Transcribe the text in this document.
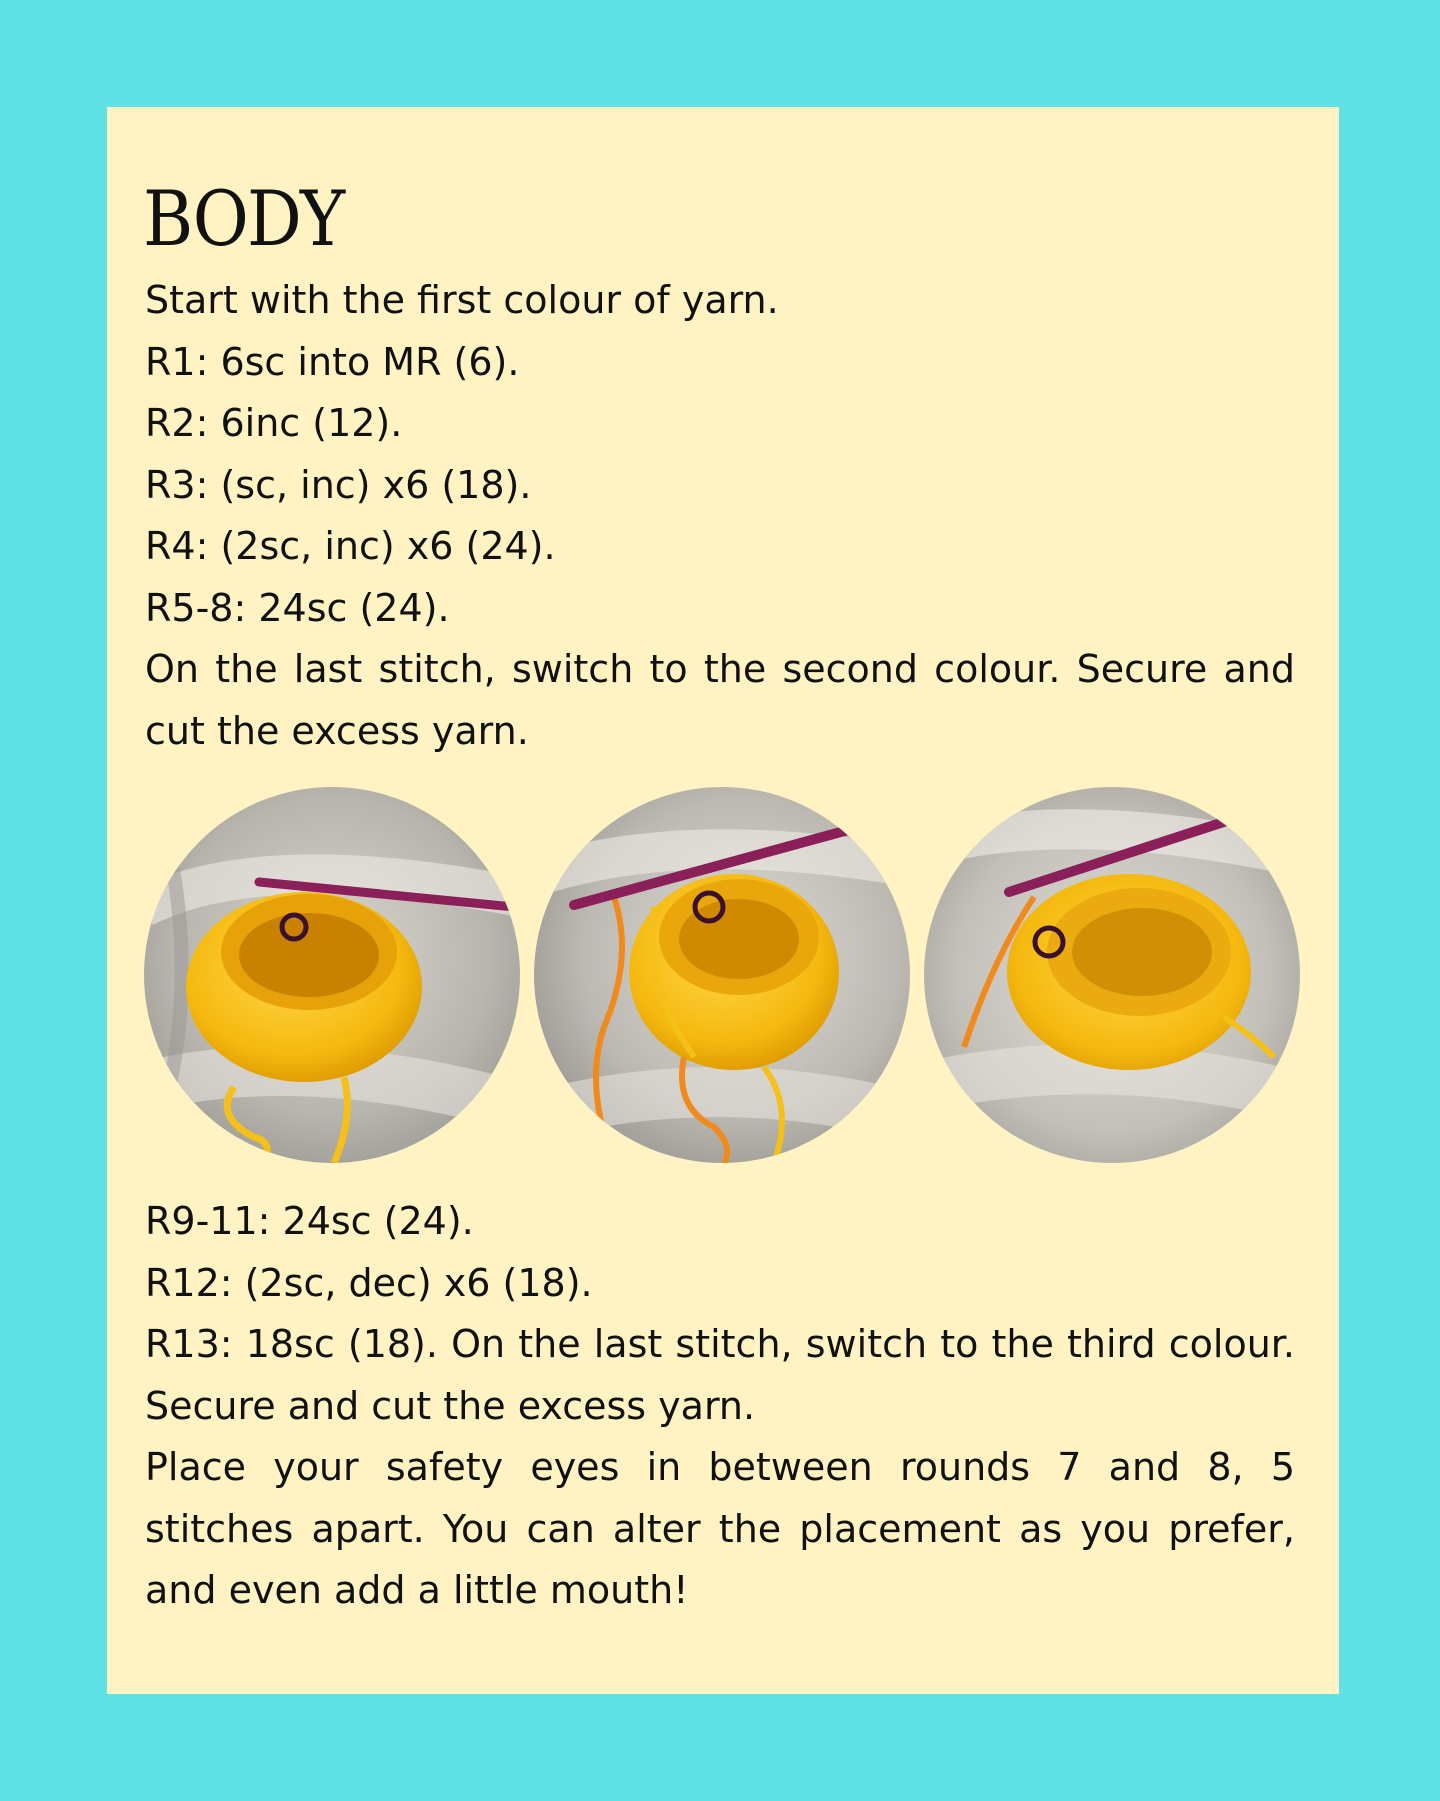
BODY

Start with the first colour of yarn.

R1: 6sc into MR (6).

R2: 6inc (12).

R3: (sc, inc) x6 (18).

R4: (2sc, inc) x6 (24).

R5-8: 24sc (24).

On the last stitch, switch to the second colour. Secure and cut the excess yarn.

R9-11: 24sc (24).

R12: (2sc, dec) x6 (18).

R13: 18sc (18). On the last stitch, switch to the third colour. Secure and cut the excess yarn.

Place your safety eyes in between rounds 7 and 8, 5 stitches apart. You can alter the placement as you prefer, and even add a little mouth!
